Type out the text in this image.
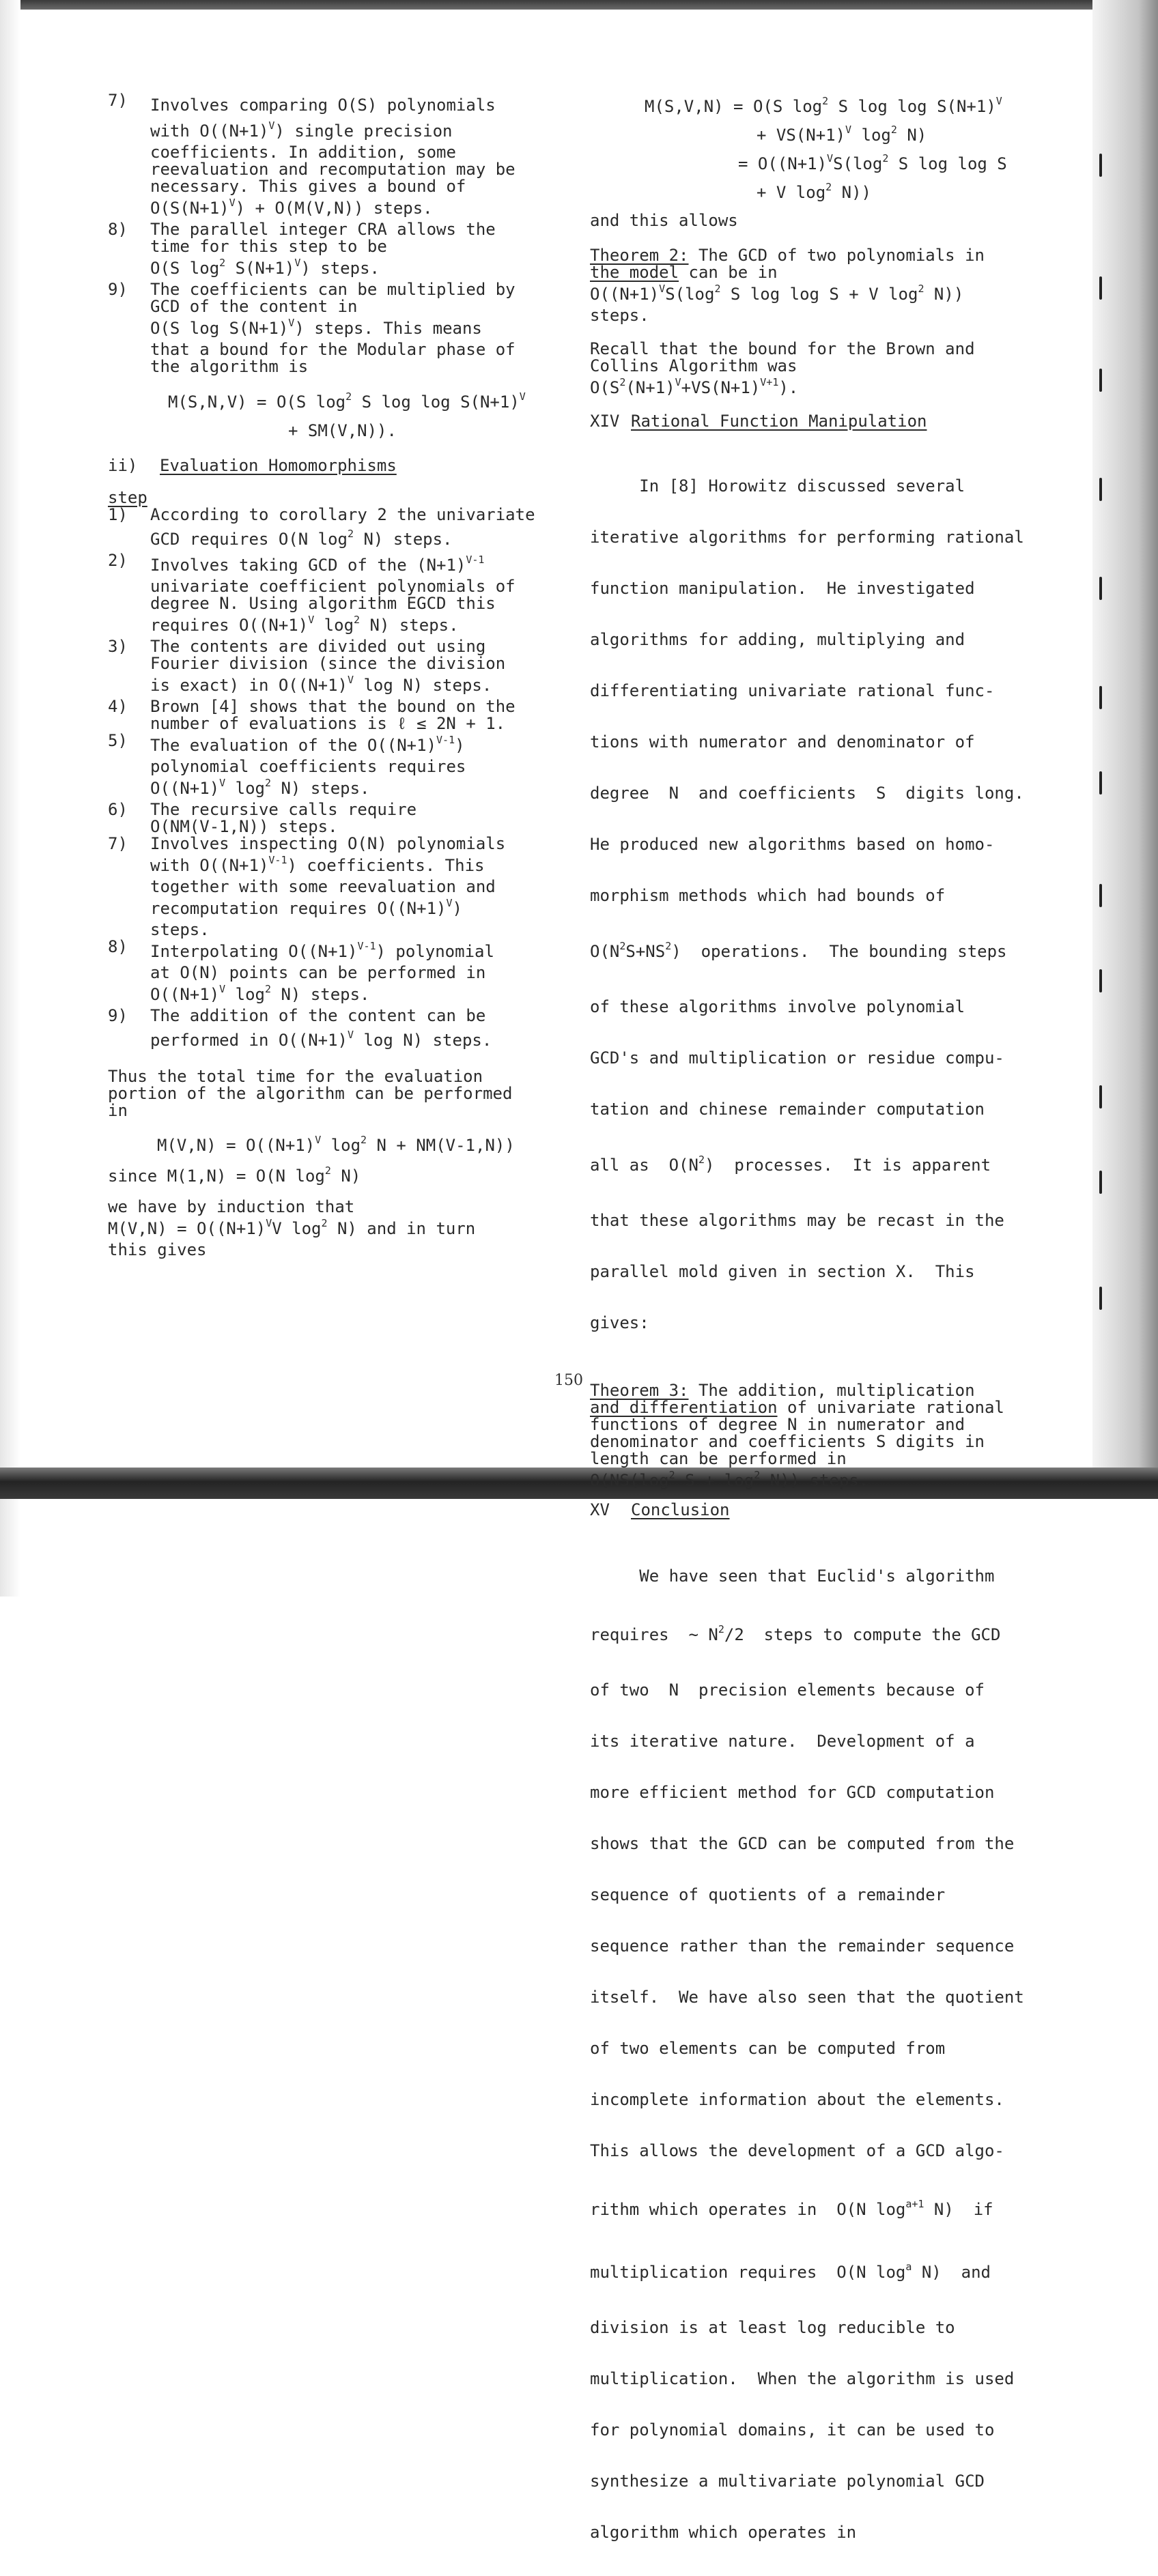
7)	Involves comparing O(S) polynomials
with $O((N+1)^V)$ single precision
coefficients. In addition, some
reevaluation and recomputation may be
necessary. This gives a bound of
$O(S(N+1)^V) + O(M(V,N))$ steps.
8)	The parallel integer CRA allows the
time for this step to be
O(S $\log^2 S(N+1)^V$) steps.
9)	The coefficients can be multiplied by
GCD of the content in
O(S $\log S(N+1)^V$) steps. This means
that a bound for the Modular phase of
the algorithm is
M(S,N,V) = O(S $\log^2 S$ $\log \log S(N+1)^V$
+ SM(V,N)).
ii)	Evaluation Homomorphisms
step
1)	According to corollary 2 the univariate
GCD requires O(N $\log^2 N$) steps.
2)	Involves taking GCD of the $(N+1)^{V-1}$
univariate coefficient polynomials of
degree N. Using algorithm EGCD this
requires $O((N+1)^V$ $\log^2 N$) steps.
3)	The contents are divided out using
Fourier division (since the division
is exact) in $O((N+1)^V$ log N) steps.
4)	Brown [4] shows that the bound on the
number of evaluations is ℓ ≤ 2N + 1.
5)	The evaluation of the $O((N+1)^{V-1})$
polynomial coefficients requires
$O((N+1)^V$ $\log^2 N$) steps.
6)	The recursive calls require
O(NM(V-1,N)) steps.
7)	Involves inspecting O(N) polynomials
with $O((N+1)^{V-1})$ coefficients. This
together with some reevaluation and
recomputation requires $O((N+1)^V)$
steps.
8)	Interpolating $O((N+1)^{V-1})$ polynomial
at O(N) points can be performed in
$O((N+1)^V$ $\log^2 N$) steps.
9)	The addition of the content can be
performed in $O((N+1)^V$ log N) steps.
Thus the total time for the evaluation
portion of the algorithm can be performed
in
$M(V,N) = O((N+1)^V$ $\log^2 N + NM(V-1,N)$)
since M(1,N) = O(N $\log^2 N$)
we have by induction that
$M(V,N) = O((N+1)^VV$ $\log^2 N$) and in turn
this gives
M(S,V,N) = O(S $\log^2 S$ $\log \log S(N+1)^V$
+ $VS(N+1)^V$ $\log^2 N$)
= $O((N+1)^VS(\log^2$ S log log S
+ V $\log^2 N$))
and this allows
Theorem 2: The GCD of two polynomials in
the model can be in
$O((N+1)^VS(\log^2$ S log log S + V $\log^2 N$))
steps.
Recall that the bound for the Brown and
Collins Algorithm was
$O(S^2(N+1)^V+VS(N+1)^{V+1})$.
XIV Rational Function Manipulation

In [8] Horowitz discussed several

iterative algorithms for performing rational

function manipulation.  He investigated

algorithms for adding, multiplying and

differentiating univariate rational func-

tions with numerator and denominator of

degree  N  and coefficients  S  digits long.

He produced new algorithms based on homo-

morphism methods which had bounds of

$O(N^2S+NS^2)$  operations.  The bounding steps

of these algorithms involve polynomial

GCD's and multiplication or residue compu-

tation and chinese remainder computation

all as  $O(N^2)$  processes.  It is apparent

that these algorithms may be recast in the

parallel mold given in section X.  This

gives:

Theorem 3: The addition, multiplication
and differentiation of univariate rational
functions of degree N in numerator and
denominator and coefficients S digits in
length can be performed in
$O(NS(\log^2$ $S + \log^2 N$)) steps.
XV	Conclusion

We have seen that Euclid's algorithm

requires  ~ $N^2/2$  steps to compute the GCD

of two  N  precision elements because of

its iterative nature.  Development of a

more efficient method for GCD computation

shows that the GCD can be computed from the

sequence of quotients of a remainder

sequence rather than the remainder sequence

itself.  We have also seen that the quotient

of two elements can be computed from

incomplete information about the elements.

This allows the development of a GCD algo-

rithm which operates in  O(N $\log^{a+1} N$)  if

multiplication requires  O(N $\log^a N$)  and

division is at least log reducible to

multiplication.  When the algorithm is used

for polynomial domains, it can be used to

synthesize a multivariate polynomial GCD

algorithm which operates in

150
